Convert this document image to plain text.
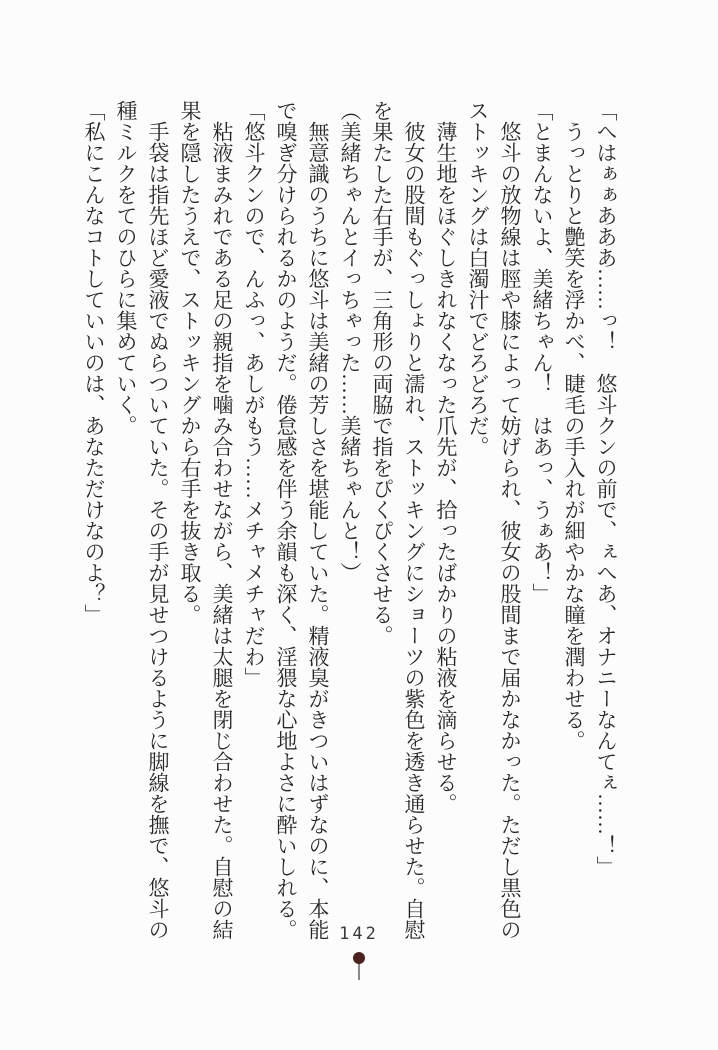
「へはぁぁあああ……っ！　悠斗クンの前で、ぇへあ、オナニーなんてぇ……！」

うっとりと艶笑を浮かべ、睫毛の手入れが細やかな瞳を潤わせる。

「とまんないよ、美緒ちゃん！　はあっ、うぁあ！」

悠斗の放物線は脛や膝によって妨げられ、彼女の股間まで届かなかった。ただし黒色の

ストッキングは白濁汁でどろどろだ。

薄生地をほぐしきれなくなった爪先が、拾ったばかりの粘液を滴らせる。

彼女の股間もぐっしょりと濡れ、ストッキングにショーツの紫色を透き通らせた。自慰

を果たした右手が、三角形の両脇で指をぴくぴくさせる。

（美緒ちゃんとイっちゃった……美緒ちゃんと！）

無意識のうちに悠斗は美緒の芳しさを堪能していた。精液臭がきついはずなのに、本能

で嗅ぎ分けられるかのようだ。倦怠感を伴う余韻も深く、淫猥な心地よさに酔いしれる。

「悠斗クンので、んふっ、あしがもう……メチャメチャだわ」

粘液まみれである足の親指を噛み合わせながら、美緒は太腿を閉じ合わせた。自慰の結

果を隠したうえで、ストッキングから右手を抜き取る。

手袋は指先ほど愛液でぬらついていた。その手が見せつけるように脚線を撫で、悠斗の

種ミルクをてのひらに集めていく。

「私にこんなコトしていいのは、あなただけなのよ？」

142
